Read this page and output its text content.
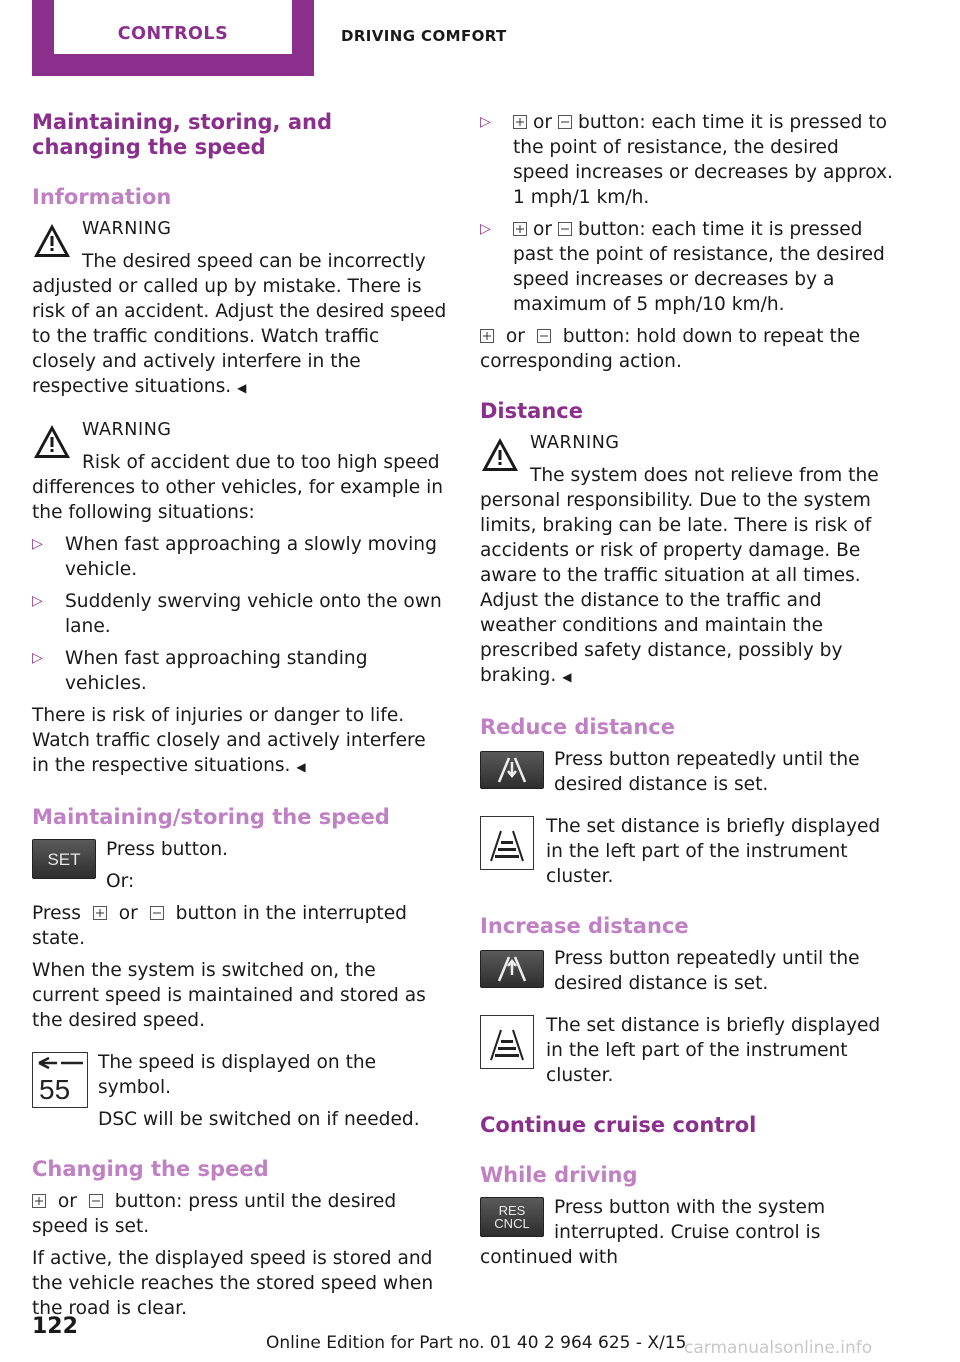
CONTROLS	DRIVING COMFORT
Maintaining, storing, and changing the speed
Information

WARNING

The desired speed can be incorrectly adjusted or called up by mistake. There is risk of an accident. Adjust the desired speed to the traffic conditions. Watch traffic closely and actively interfere in the respective situations. ◀

WARNING

Risk of accident due to too high speed differences to other vehicles, for example in the following situations:

▷ When fast approaching a slowly moving vehicle.
▷ Suddenly swerving vehicle onto the own lane.
▷ When fast approaching standing vehicles.

There is risk of injuries or danger to life. Watch traffic closely and actively interfere in the respective situations. ◀

Maintaining/storing the speed
SET	Press button.

Or:

Press or button in the interrupted state.

When the system is switched on, the current speed is maintained and stored as the desired speed.

55

The speed is displayed on the symbol.

DSC will be switched on if needed.

Changing the speed

or button: press until the desired speed is set.

If active, the displayed speed is stored and the vehicle reaches the stored speed when the road is clear.

▷ or button: each time it is pressed to the point of resistance, the desired speed increases or decreases by approx. 1 mph/1 km/h.
▷ or button: each time it is pressed past the point of resistance, the desired speed increases or decreases by a maximum of 5 mph/10 km/h.

or button: hold down to repeat the corresponding action.

Distance

WARNING

The system does not relieve from the personal responsibility. Due to the system limits, braking can be late. There is risk of accidents or risk of property damage. Be aware to the traffic situation at all times. Adjust the distance to the traffic and weather conditions and maintain the prescribed safety distance, possibly by braking. ◀

Reduce distance

Press button repeatedly until the desired distance is set.

The set distance is briefly displayed in the left part of the instrument cluster.

Increase distance

Press button repeatedly until the desired distance is set.

The set distance is briefly displayed in the left part of the instrument cluster.

Continue cruise control
While driving
RES
CNCL

Press button with the system interrupted. Cruise control is continued with

122
Online Edition for Part no. 01 40 2 964 625 - X/15
carmanualsonline.info
